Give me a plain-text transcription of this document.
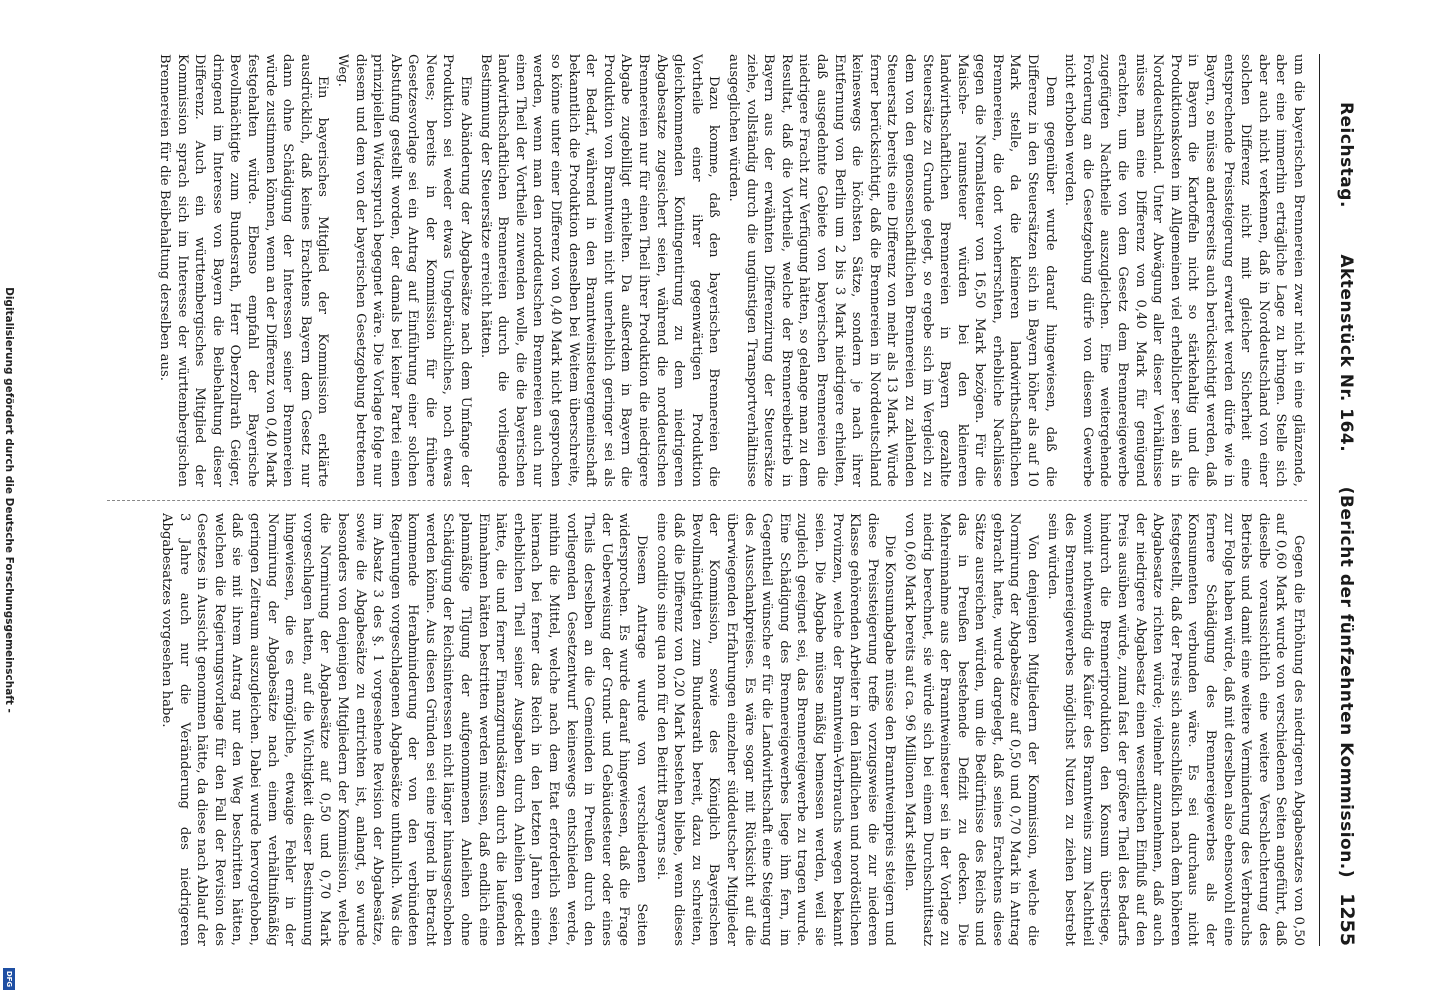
Reichstag. Aktenstück Nr. 164. (Bericht der fünfzehnten Kommission.)
1255

um die bayerischen Brennereien zwar nicht in eine glänzende, aber eine immerhin erträgliche Lage zu bringen. Stelle sich aber auch nicht verkennen, daß in Norddeutschland von einer solchen Differenz nicht mit gleicher Sicherheit eine entsprechende Preissteigerung erwartet werden dürfe wie in Bayern, so müsse andererseits auch berücksichtigt werden, daß in Bayern die Kartoffeln nicht so stärkehaltig und die Produktionskosten im Allgemeinen viel erheblicher seien als in Norddeutschland. Unter Abwägung aller dieser Verhältnisse müsse man eine Differenz von 0,40 Mark für genügend erachten, um die von dem Gesetz dem Brennereigewerbe zugefügten Nachtheile auszugleichen. Eine weitergehende Forderung an die Gesetzgebung dürfe von diesem Gewerbe nicht erhoben werden.

Dem gegenüber wurde darauf hingewiesen, daß die Differenz in den Steuersätzen sich in Bayern höher als auf 10 Mark stelle, da die kleineren landwirthschaftlichen Brennereien, die dort vorherrschten, erhebliche Nachlässe gegen die Normalsteuer von 16,50 Mark bezögen. Für die Maische- raumsteuer würden bei den kleineren landwirthschaftlichen Brennereien in Bayern gezahlte Steuersätze zu Grunde gelegt, so ergebe sich im Vergleich zu dem von den genossenschaftlichen Brennereien zu zahlenden Steuersatz bereits eine Differenz von mehr als 13 Mark. Würde ferner berücksichtigt, daß die Brennereien in Norddeutschland keineswegs die höchsten Sätze, sondern je nach ihrer Entfernung von Berlin um 2 bis 3 Mark niedrigere erhielten, daß ausgedehnte Gebiete von bayerischen Brennereien die niedrigere Fracht zur Verfügung hätten, so gelange man zu dem Resultat, daß die Vortheile, welche der Brennereibetrieb in Bayern aus der erwähnten Differenzirung der Steuersätze ziehe, vollständig durch die ungünstigen Transportverhältnisse ausgeglichen würden.

Dazu komme, daß den bayerischen Brennereien die Vortheile einer ihrer gegenwärtigen Produktion gleichkommenden Kontingentirung zu dem niedrigeren Abgabesatze zugesichert seien, während die norddeutschen Brennereien nur für einen Theil ihrer Produktion die niedrigere Abgabe zugebilligt erhielten. Da außerdem in Bayern die Produktion von Branntwein nicht unerheblich geringer sei als der Bedarf, während in den Branntweinsteuergemeinschaft bekanntlich die Produktion denselben bei Weitem überschreite, so könne unter einer Differenz von 0,40 Mark nicht gesprochen werden, wenn man den norddeutschen Brennereien auch nur einen Theil der Vortheile zuwenden wolle, die die bayerischen landwirthschaftlichen Brennereien durch die vorliegende Bestimmung der Steuersätze erreicht hätten.

Eine Abänderung der Abgabesätze nach dem Umfange der Produktion sei weder etwas Ungebräuchliches, noch etwas Neues; bereits in der Kommission für die frühere Gesetzesvorlage sei ein Antrag auf Einführung einer solchen Abstufung gestellt worden, der damals bei keiner Partei einen prinzipiellen Widerspruch begegnet wäre. Die Vorlage folge nur diesem und dem von der bayerischen Gesetzgebung betretenen Weg.

Ein bayerisches Mitglied der Kommission erklärte ausdrücklich, daß keines Erachtens Bayern dem Gesetz nur dann ohne Schädigung der Interessen seiner Brennereien würde zustimmen können, wenn an der Differenz von 0,40 Mark festgehalten würde. Ebenso empfahl der Bayerische Bevollmächtigte zum Bundesrath, Herr Oberzollrath Geiger, dringend im Interesse von Bayern die Beibehaltung dieser Differenz. Auch ein württembergisches Mitglied der Kommission sprach sich im Interesse der württembergischen Brennereien für die Beibehaltung derselben aus.

Gegen die Erhöhung des niedrigeren Abgabesatzes von 0,50 auf 0,60 Mark wurde von verschiedenen Seiten angeführt, daß dieselbe voraussichtlich eine weitere Verschlechterung des Betriebs und damit eine weitere Verminderung des Verbrauchs zur Folge haben würde, daß mit derselben also ebensowohl eine fernere Schädigung des Brennereigewerbes als der Konsumenten verbunden wäre. Es sei durchaus nicht festgestellt, daß der Preis sich ausschließlich nach dem höheren Abgabesatze richten würde; vielmehr anzunehmen, daß auch der niedrigere Abgabesatz einen wesentlichen Einfluß auf den Preis ausüben würde, zumal fast der größere Theil des Bedarfs hindurch die Brenneriproduktion den Konsum überstiege, womit nothwendig die Käufer des Branntweins zum Nachtheil des Brennereigewerbes möglichst Nutzen zu ziehen bestrebt sein würden.

Von denjenigen Mitgliedern der Kommission, welche die Normirung der Abgabesätze auf 0,50 und 0,70 Mark in Antrag gebracht hatte, wurde dargelegt, daß seines Erachtens diese Sätze ausreichen würden, um die Bedürfnisse des Reichs und das in Preußen bestehende Defizit zu decken. Die Mehreinnahme aus der Branntweinsteuer sei in der Vorlage zu niedrig berechnet, sie würde sich bei einem Durchschnittsatz von 0,60 Mark bereits auf ca. 96 Millionen Mark stellen.

Die Konsumabgabe müsse den Branntweinpreis steigern und diese Preissteigerung treffe vorzugsweise die zur niederen Klasse gehörenden Arbeiter in den ländlichen und nordöstlichen Provinzen, welche der Branntwein-Verbrauchs wegen bekannt seien. Die Abgabe müsse mäßig bemessen werden, weil sie zugleich geeignet sei, das Brennereigewerbe zu tragen wurde. Eine Schädigung des Brennereigewerbes liege ihm fern, im Gegentheil wünsche er für die Landwirthschaft eine Steigerung des Ausschankpreises. Es wäre sogar mit Rücksicht auf die überwiegenden Erfahrungen einzelner süddeutscher Mitglieder der Kommission, sowie des Königlich Bayerischen Bevollmächtigten zum Bundesrath bereit, dazu zu schreiten, daß die Differenz von 0,20 Mark bestehen bliebe, wenn dieses eine conditio sine qua non für den Beitritt Bayerns sei.

Diesem Antrage wurde von verschiedenen Seiten widersprochen. Es wurde darauf hingewiesen, daß die Frage der Ueberweisung der Grund- und Gebäudesteuer oder eines Theils derselben an die Gemeinden in Preußen durch den vorliegenden Gesetzentwurf keineswegs entschieden werde, mithin die Mittel, welche nach dem Etat erforderlich seien, hiernach bei ferner das Reich in den letzten Jahren einen erheblichen Theil seiner Ausgaben durch Anleihen gedeckt hätte, die und ferner Finanzgrundsätzen durch die laufenden Einnahmen hätten bestritten werden müssen, daß endlich eine planmäßige Tilgung der aufgenommenen Anleihen ohne Schädigung der Reichsinteressen nicht länger hinausgeschoben werden könne. Aus diesen Gründen sei eine irgend in Betracht kommende Herabminderung der von den verbündeten Regierungen vorgeschlagenen Abgabesätze unthunlich. Was die im Absatz 3 des §. 1 vorgesehene Revision der Abgabesätze, sowie die Abgabesätze zu entrichten ist, anlangt, so wurde besonders von denjenigen Mitgliedern der Kommission, welche die Normirung der Abgabesätze auf 0,50 und 0,70 Mark vorgeschlagen hatten, auf die Wichtigkeit dieser Bestimmung hingewiesen, die es ermögliche, etwaige Fehler in der Normirung der Abgabesätze nach einem verhältnißmäßig geringen Zeitraum auszugleichen. Dabei wurde hervorgehoben, daß sie mit ihrem Antrag nur den Weg beschritten hätten, welchen die Regierungsvorlage für den Fall der Revision des Gesetzes in Aussicht genommen hätte, da diese nach Ablauf der 3 Jahre auch nur die Veränderung des niedrigeren Abgabesatzes vorgesehen habe.

Digitalisierung gefördert durch die Deutsche Forschungsgemeinschaft -
DFG
